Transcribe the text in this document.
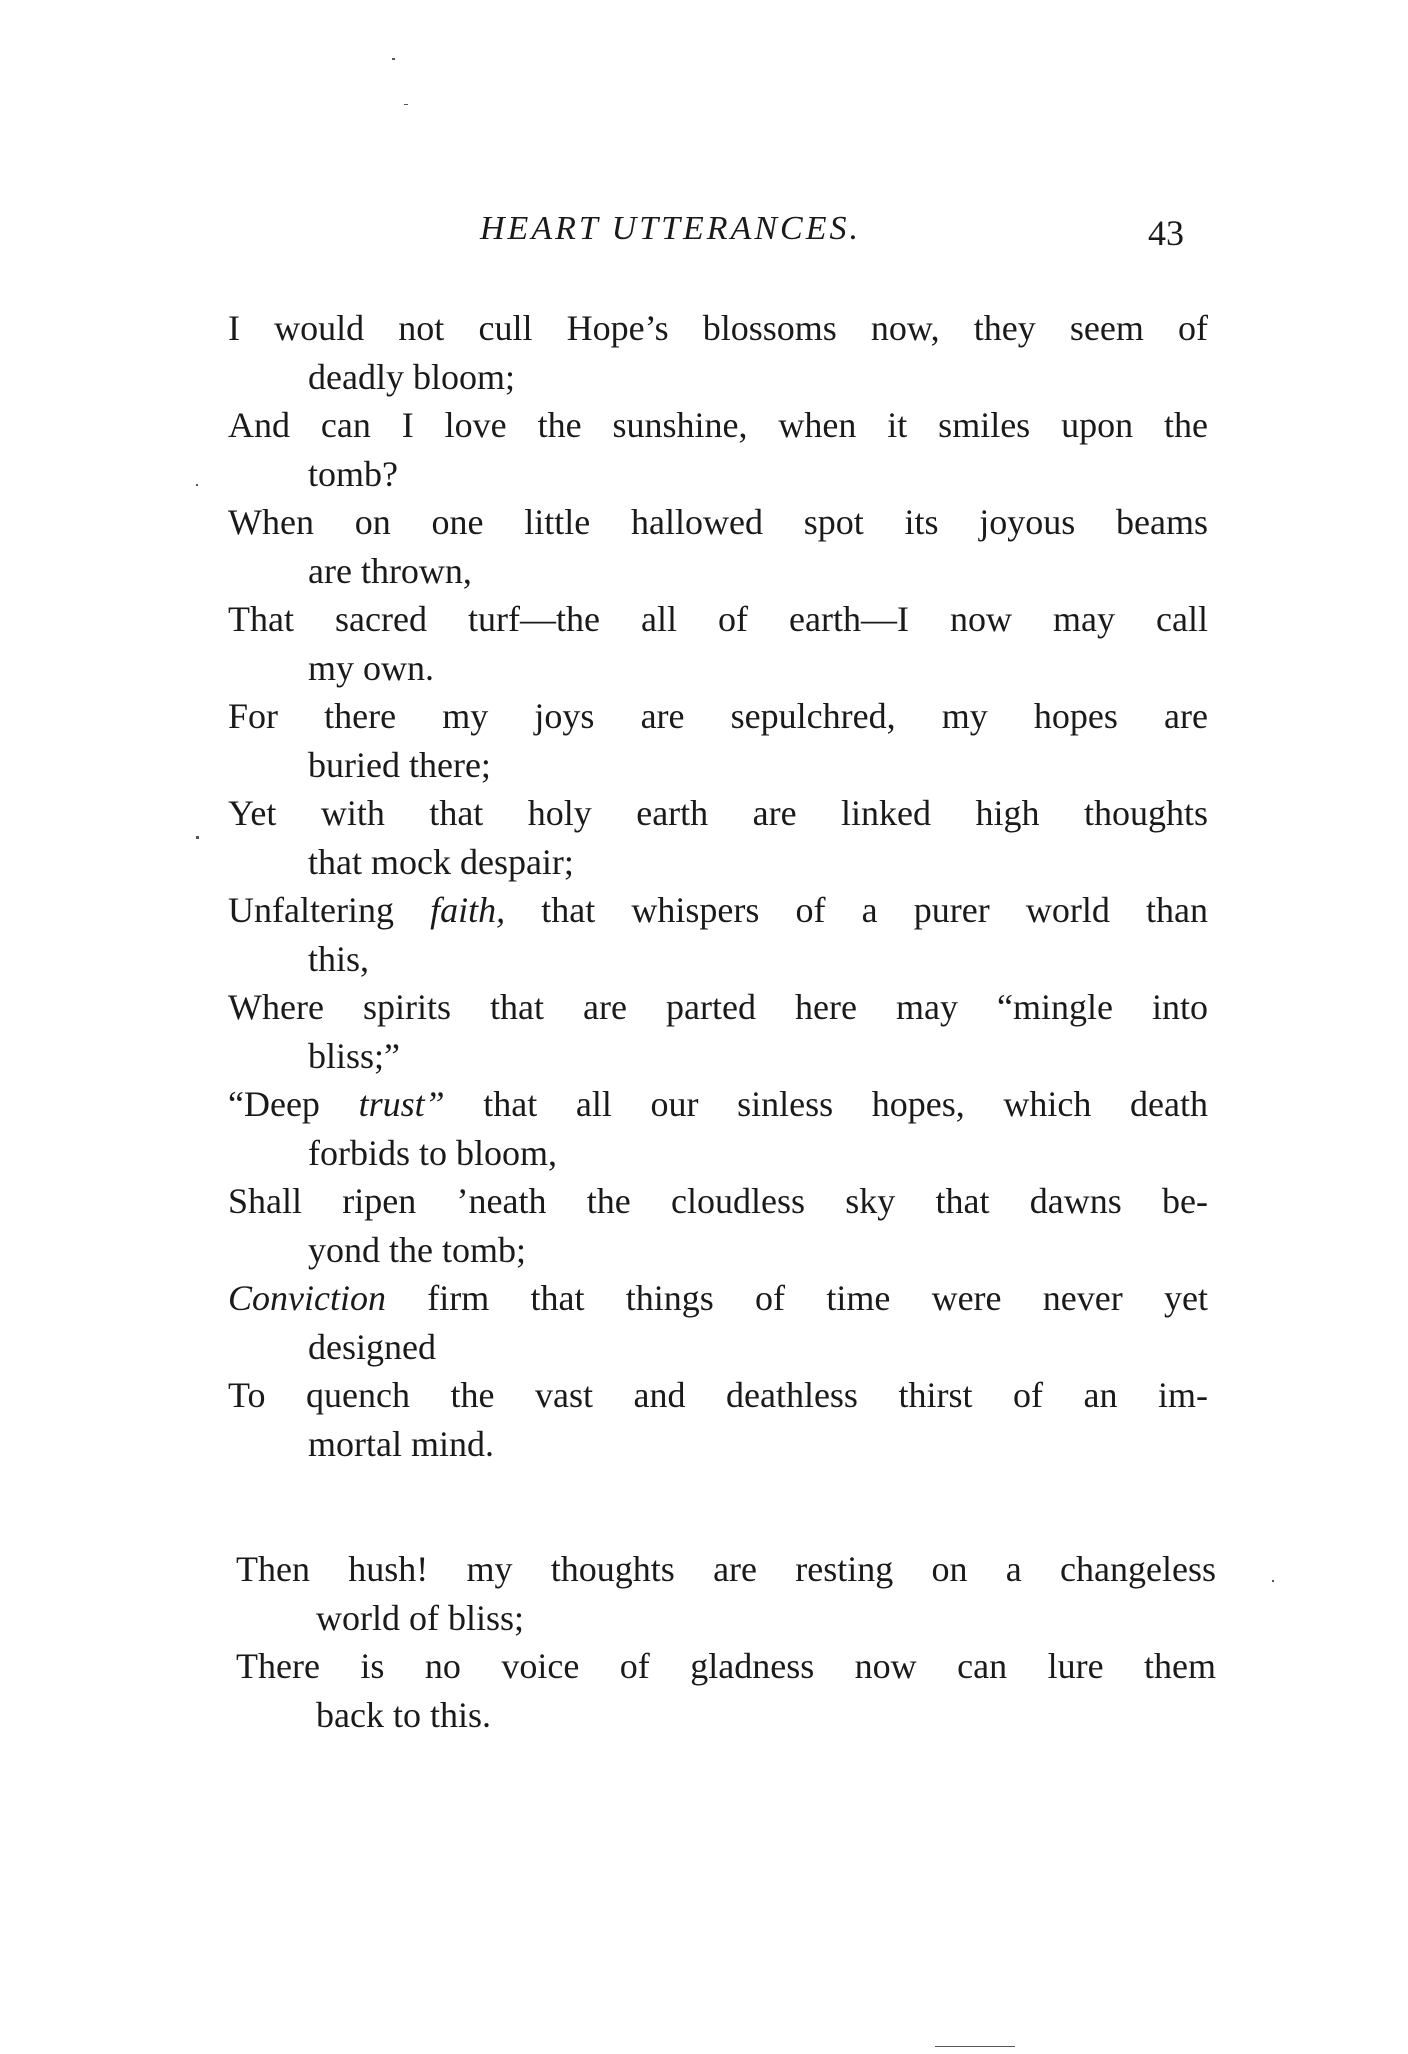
HEART UTTERANCES.	43
I would not cull Hope’s blossoms now, they seem of
deadly bloom;
And can I love the sunshine, when it smiles upon the
tomb?
When on one little hallowed spot its joyous beams
are thrown,
That sacred turf—the all of earth—I now may call
my own.
For there my joys are sepulchred, my hopes are
buried there;
Yet with that holy earth are linked high thoughts
that mock despair;
Unfaltering faith, that whispers of a purer world than
this,
Where spirits that are parted here may “mingle into
bliss;”
“Deep trust” that all our sinless hopes, which death
forbids to bloom,
Shall ripen ’neath the cloudless sky that dawns be-
yond the tomb;
Conviction firm that things of time were never yet
designed
To quench the vast and deathless thirst of an im-
mortal mind.
Then hush! my thoughts are resting on a changeless
world of bliss;
There is no voice of gladness now can lure them
back to this.
